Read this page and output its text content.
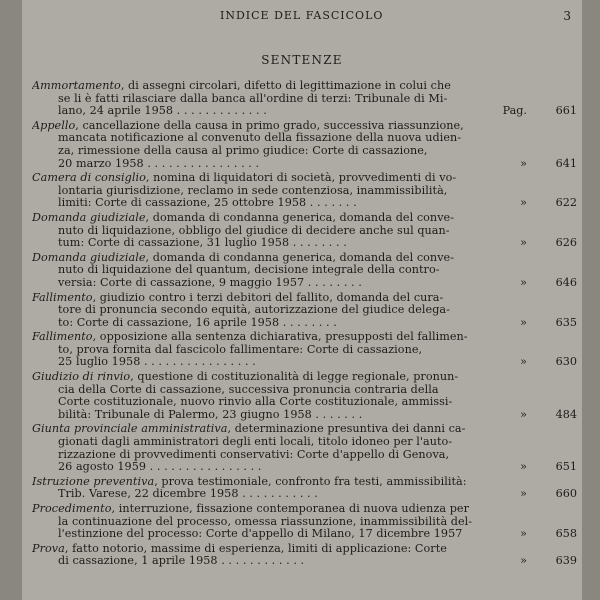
INDICE DEL FASCICOLO	3
SENTENZE
Ammortamento, di assegni circolari, difetto di legittimazione in colui che
se li è fatti rilasciare dalla banca all'ordine di terzi: Tribunale di Mi-
lano, 24 aprile 1958 . . . . . . . . . . . . .	Pag.	661
Appello, cancellazione della causa in primo grado, successiva riassunzione,
mancata notificazione al convenuto della fissazione della nuova udien-
za, rimessione della causa al primo giudice: Corte di cassazione,
20 marzo 1958 . . . . . . . . . . . . . . . .	»	641
Camera di consiglio, nomina di liquidatori di società, provvedimenti di vo-
lontaria giurisdizione, reclamo in sede contenziosa, inammissibilità,
limiti: Corte di cassazione, 25 ottobre 1958 . . . . . . .	»	622
Domanda giudiziale, domanda di condanna generica, domanda del conve-
nuto di liquidazione, obbligo del giudice di decidere anche sul quan-
tum: Corte di cassazione, 31 luglio 1958 . . . . . . . .	»	626
Domanda giudiziale, domanda di condanna generica, domanda del conve-
nuto di liquidazione del quantum, decisione integrale della contro-
versia: Corte di cassazione, 9 maggio 1957 . . . . . . . .	»	646
Fallimento, giudizio contro i terzi debitori del fallito, domanda del cura-
tore di pronuncia secondo equità, autorizzazione del giudice delega-
to: Corte di cassazione, 16 aprile 1958 . . . . . . . .	»	635
Fallimento, opposizione alla sentenza dichiarativa, presupposti del fallimen-
to, prova fornita dal fascicolo fallimentare: Corte di cassazione,
25 luglio 1958 . . . . . . . . . . . . . . . .	»	630
Giudizio di rinvio, questione di costituzionalità di legge regionale, pronun-
cia della Corte di cassazione, successiva pronuncia contraria della
Corte costituzionale, nuovo rinvio alla Corte costituzionale, ammissi-
bilità: Tribunale di Palermo, 23 giugno 1958 . . . . . . .	»	484
Giunta provinciale amministrativa, determinazione presuntiva dei danni ca-
gionati dagli amministratori degli enti locali, titolo idoneo per l'auto-
rizzazione di provvedimenti conservativi: Corte d'appello di Genova,
26 agosto 1959 . . . . . . . . . . . . . . . .	»	651
Istruzione preventiva, prova testimoniale, confronto fra testi, ammissibilità:
Trib. Varese, 22 dicembre 1958 . . . . . . . . . . .	»	660
Procedimento, interruzione, fissazione contemporanea di nuova udienza per
la continuazione del processo, omessa riassunzione, inammissibilità del-
l'estinzione del processo: Corte d'appello di Milano, 17 dicembre 1957	»	658
Prova, fatto notorio, massime di esperienza, limiti di applicazione: Corte
di cassazione, 1 aprile 1958 . . . . . . . . . . . .	»	639
